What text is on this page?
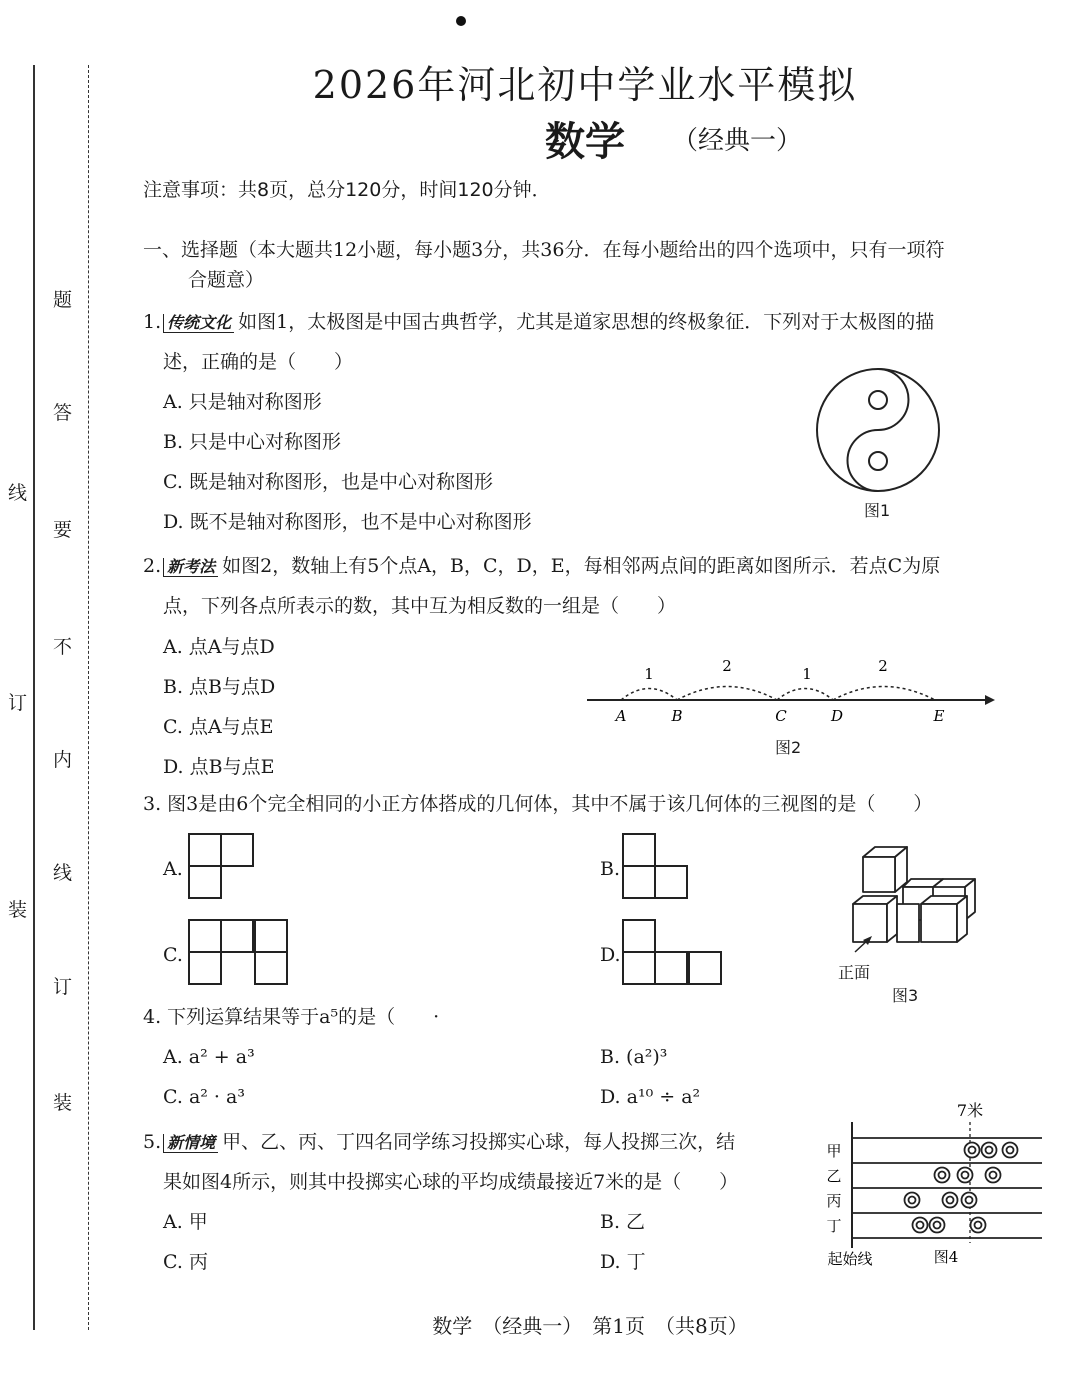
线
订
装
题
答
要
不
内
线
订
装
2026年河北初中学业水平模拟
数学 （经典一）
注意事项：共8页，总分120分，时间120分钟．
一、选择题（本大题共12小题，每小题3分，共36分．在每小题给出的四个选项中，只有一项符
合题意）
1. 传统文化 如图1，太极图是中国古典哲学，尤其是道家思想的终极象征．下列对于太极图的描
述，正确的是（　　）
A. 只是轴对称图形
B. 只是中心对称图形
C. 既是轴对称图形，也是中心对称图形
D. 既不是轴对称图形，也不是中心对称图形
图1
2. 新考法 如图2，数轴上有5个点A，B，C，D，E，每相邻两点间的距离如图所示．若点C为原
点，下列各点所表示的数，其中互为相反数的一组是（　　）
A. 点A与点D
B. 点B与点D
C. 点A与点E
D. 点B与点E
1	2	1	2
A	B	C	D	E
图2
3. 图3是由6个完全相同的小正方体搭成的几何体，其中不属于该几何体的三视图的是（　　）
A.	B.
C.	D.
正面
图3
4. 下列运算结果等于a⁵的是（　　·
A. a² + a³	B. (a²)³
C. a² · a³	D. a¹⁰ ÷ a²
5. 新情境 甲、乙、丙、丁四名同学练习投掷实心球，每人投掷三次，结
果如图4所示，则其中投掷实心球的平均成绩最接近7米的是（　　）
A. 甲	B. 乙
C. 丙	D. 丁
7米
甲
乙
丙
丁
起始线	图4
数学　（经典一）　第1页　（共8页）
